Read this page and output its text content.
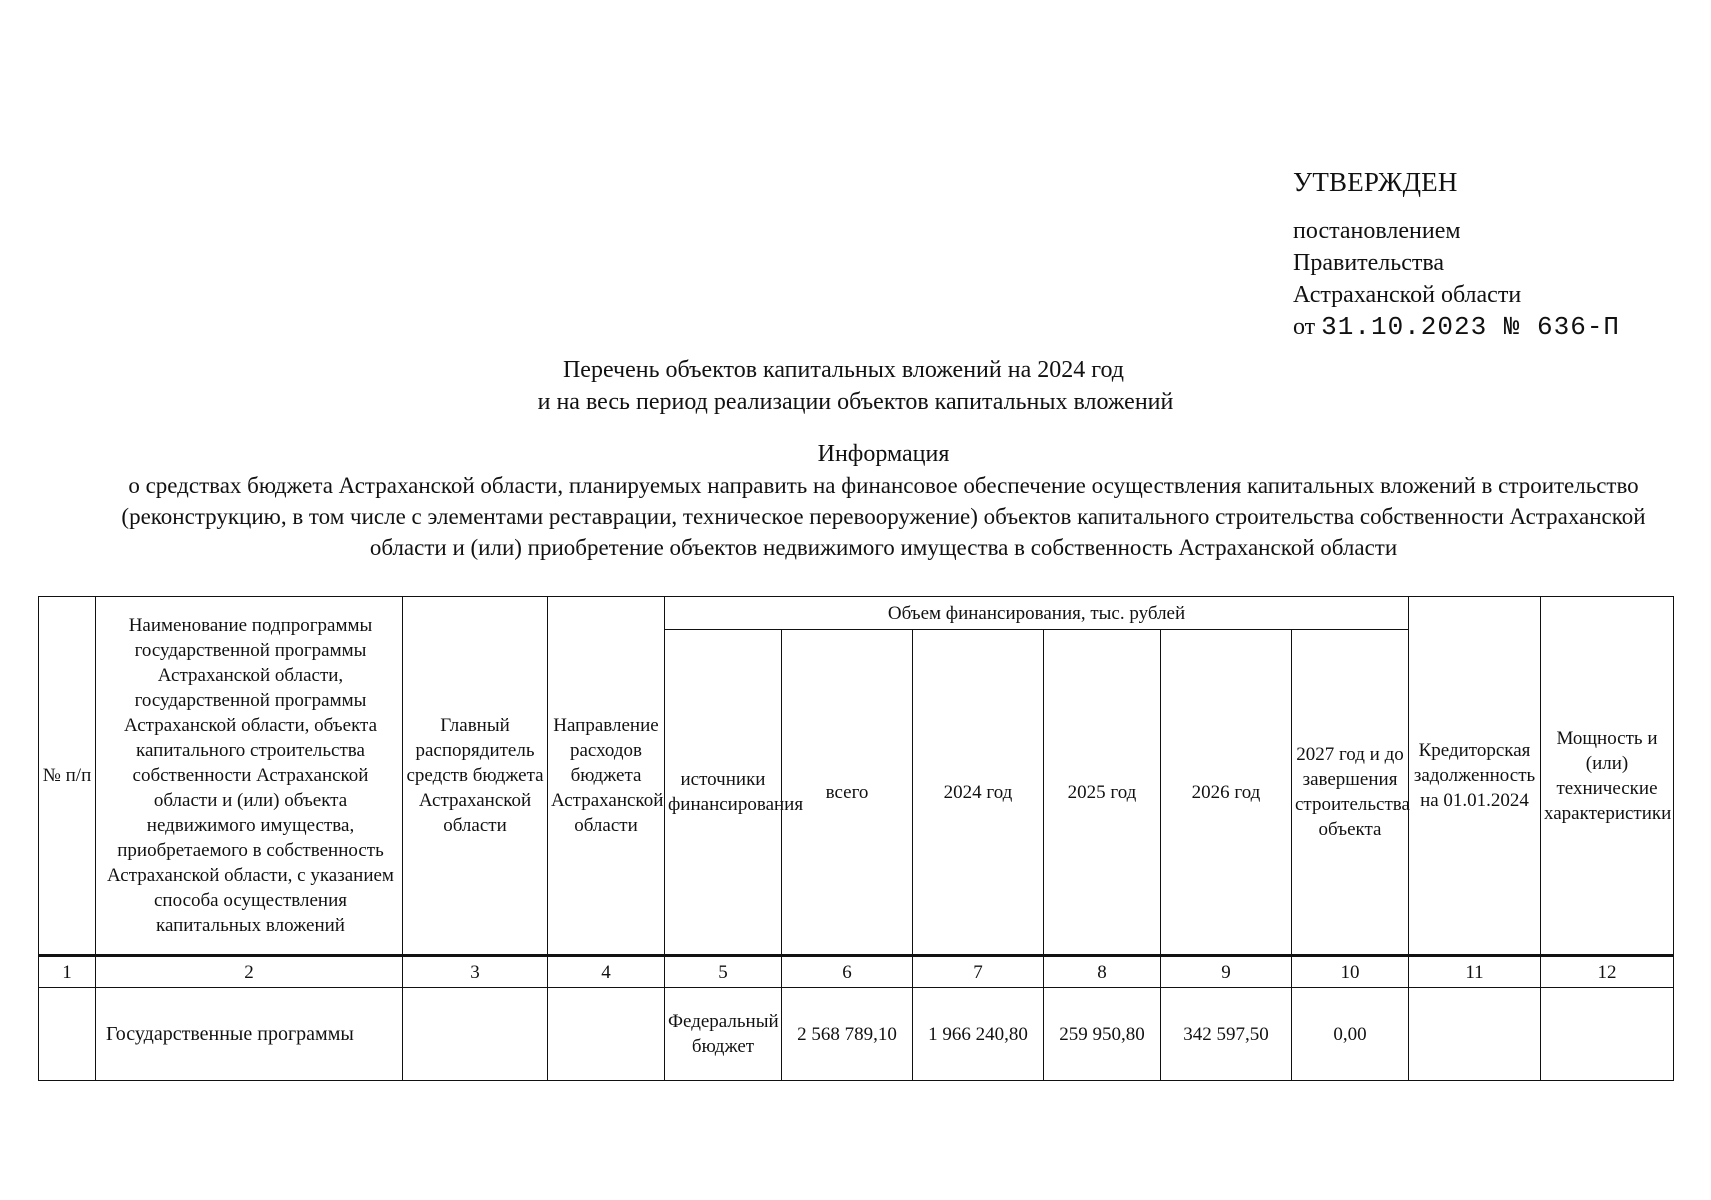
УТВЕРЖДЕН
постановлением
Правительства
Астраханской области
от 31.10.2023 № 636-П
Перечень объектов капитальных вложений на 2024 год
и на весь период реализации объектов капитальных вложений
Информация
о средствах бюджета Астраханской области, планируемых направить на финансовое обеспечение осуществления капитальных вложений в строительство (реконструкцию, в том числе с элементами реставрации, техническое перевооружение) объектов капитального строительства собственности Астраханской области и (или) приобретение объектов недвижимого имущества в собственность Астраханской области
№ п/п	Наименование подпрограммы государственной программы Астраханской области, государственной программы Астраханской области, объекта капитального строительства собственности Астраханской области и (или) объекта недвижимого имущества, приобретаемого в собственность Астраханской области, с указанием способа осуществления капитальных вложений	Главный распорядитель средств бюджета Астраханской области	Направление расходов бюджета Астраханской области	Объем финансирования, тыс. рублей						Кредиторская задолженность на 01.01.2024	Мощность и (или) технические характеристики
				источники финансирования	всего	2024 год	2025 год	2026 год	2027 год и до завершения строительства объекта		
1	2	3	4	5	6	7	8	9	10	11	12
	Государственные программы			Федеральный бюджет	2 568 789,10	1 966 240,80	259 950,80	342 597,50	0,00		
